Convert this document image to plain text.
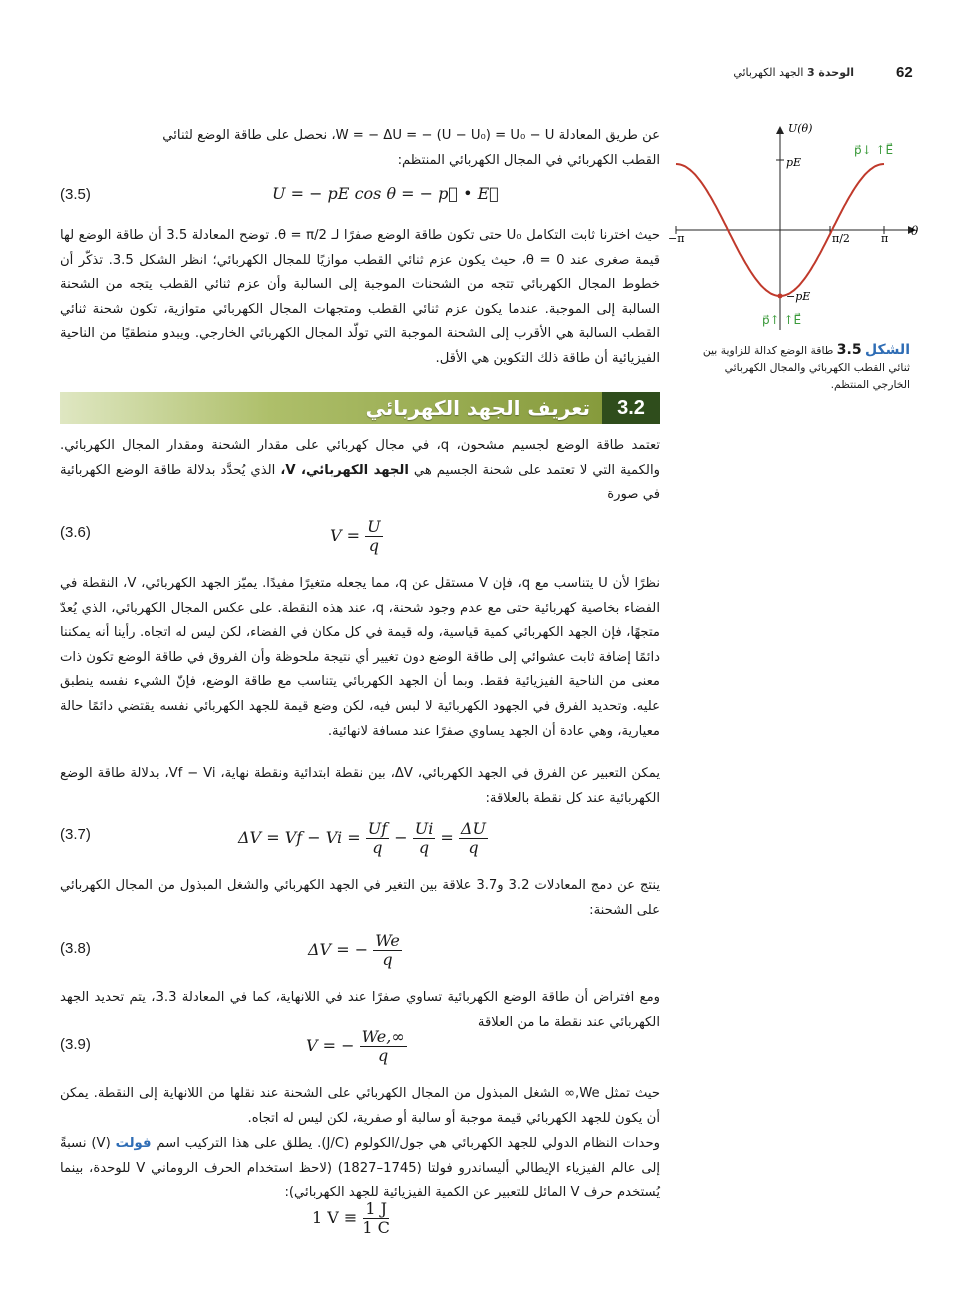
62
الوحدة 3 الجهد الكهربائي
U(θ)
θ
pE
−pE
−π	π/2	π
p⃗↓ ↑E⃗
p⃗↑ ↑E⃗
الشكل 3.5 طاقة الوضع كدالة للزاوية بين ثنائي القطب الكهربائي والمجال الكهربائي الخارجي المنتظم.
عن طريق المعادلة W = − ΔU = − (U − U₀) = U₀ − U، نحصل على طاقة الوضع لثنائي
القطب الكهربائي في المجال الكهربائي المنتظم:
(3.5)	U = − pE cos θ = − p⃗ • E⃗
حيث اخترنا ثابت التكامل U₀ حتى تكون طاقة الوضع صفرًا لـ θ = π/2. توضح المعادلة 3.5 أن طاقة الوضع لها قيمة صغرى عند θ = 0، حيث يكون عزم ثنائي القطب موازيًا للمجال الكهربائي؛ انظر الشكل 3.5. تذكّر أن خطوط المجال الكهربائي تتجه من الشحنات الموجبة إلى السالبة وأن عزم ثنائي القطب يتجه من الشحنة السالبة إلى الموجبة. عندما يكون عزم ثنائي القطب ومتجهات المجال الكهربائي متوازية، تكون شحنة ثنائي القطب السالبة هي الأقرب إلى الشحنة الموجبة التي تولّد المجال الكهربائي الخارجي. ويبدو منطقيًا من الناحية الفيزيائية أن طاقة ذلك التكوين هي الأقل.
3.2
تعريف الجهد الكهربائي
تعتمد طاقة الوضع لجسيم مشحون، q، في مجال كهربائي على مقدار الشحنة ومقدار المجال الكهربائي. والكمية التي لا تعتمد على شحنة الجسيم هي الجهد الكهربائي، V، الذي يُحدَّد بدلالة طاقة الوضع الكهربائية في صورة
(3.6)	$V = \frac{U}{q}$
نظرًا لأن U يتناسب مع q، فإن V مستقل عن q، مما يجعله متغيرًا مفيدًا. يميّز الجهد الكهربائي، V، النقطة في الفضاء بخاصية كهربائية حتى مع عدم وجود شحنة، q، عند هذه النقطة. على عكس المجال الكهربائي، الذي يُعدّ متجهًا، فإن الجهد الكهربائي كمية قياسية، وله قيمة في كل مكان في الفضاء، لكن ليس له اتجاه. رأينا أنه يمكننا دائمًا إضافة ثابت عشوائي إلى طاقة الوضع دون تغيير أي نتيجة ملحوظة وأن الفروق في طاقة الوضع تكون ذات معنى من الناحية الفيزيائية فقط. وبما أن الجهد الكهربائي يتناسب مع طاقة الوضع، فإنّ الشيء نفسه ينطبق عليه. وتحديد الفرق في الجهود الكهربائية لا لبس فيه، لكن وضع قيمة للجهد الكهربائي نفسه يقتضي دائمًا حالة معيارية، وهي عادة أن الجهد يساوي صفرًا عند مسافة لانهائية.
يمكن التعبير عن الفرق في الجهد الكهربائي، ΔV، بين نقطة ابتدائية ونقطة نهاية، Vf − Vi، بدلالة طاقة الوضع الكهربائية عند كل نقطة بالعلاقة:
(3.7)	$\Delta V = Vf - Vi = \frac{Uf}{q} - \frac{Ui}{q} = \frac{\Delta U}{q}$
ينتج عن دمج المعادلات 3.2 و3.7 علاقة بين التغير في الجهد الكهربائي والشغل المبذول من المجال الكهربائي على الشحنة:
(3.8)	ΔV = − $\frac{We}{q}$
ومع افتراض أن طاقة الوضع الكهربائية تساوي صفرًا عند في اللانهاية، كما في المعادلة 3.3، يتم تحديد الجهد الكهربائي عند نقطة ما من العلاقة
(3.9)	V = − $\frac{We,\infty}{q}$
حيث تمثل We,∞ الشغل المبذول من المجال الكهربائي على الشحنة عند نقلها من اللانهاية إلى النقطة. يمكن أن يكون للجهد الكهربائي قيمة موجبة أو سالبة أو صفرية، لكن ليس له اتجاه.
وحدات النظام الدولي للجهد الكهربائي هي جول/الكولوم (J/C). يطلق على هذا التركيب اسم فولت (V) نسبةً إلى عالم الفيزياء الإيطالي أليساندرو فولتا (1745–1827) (لاحظ استخدام الحرف الروماني V للوحدة، بينما يُستخدم حرف V المائل للتعبير عن الكمية الفيزيائية للجهد الكهربائي):
1 $V \equiv \frac{1 J}{1 C}$
